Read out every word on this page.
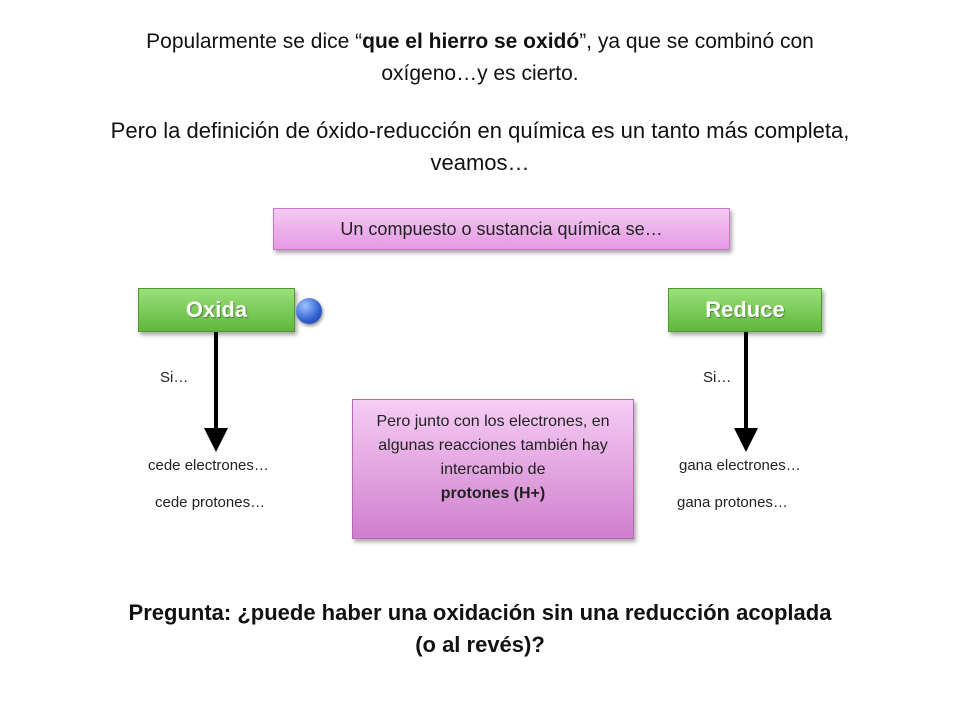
Popularmente se dice “que el hierro se oxidó”, ya que se combinó con oxígeno…y es cierto.
Pero la definición de óxido-reducción en química es un tanto más completa, veamos…
Un compuesto o sustancia química se…
Oxida	Reduce
Si…
cede electrones…
cede protones…
Si…
gana electrones…
gana protones…
Pero junto con los electrones, en algunas reacciones también hay intercambio de
protones (H+)
Pregunta: ¿puede haber una oxidación sin una reducción acoplada (o al revés)?
